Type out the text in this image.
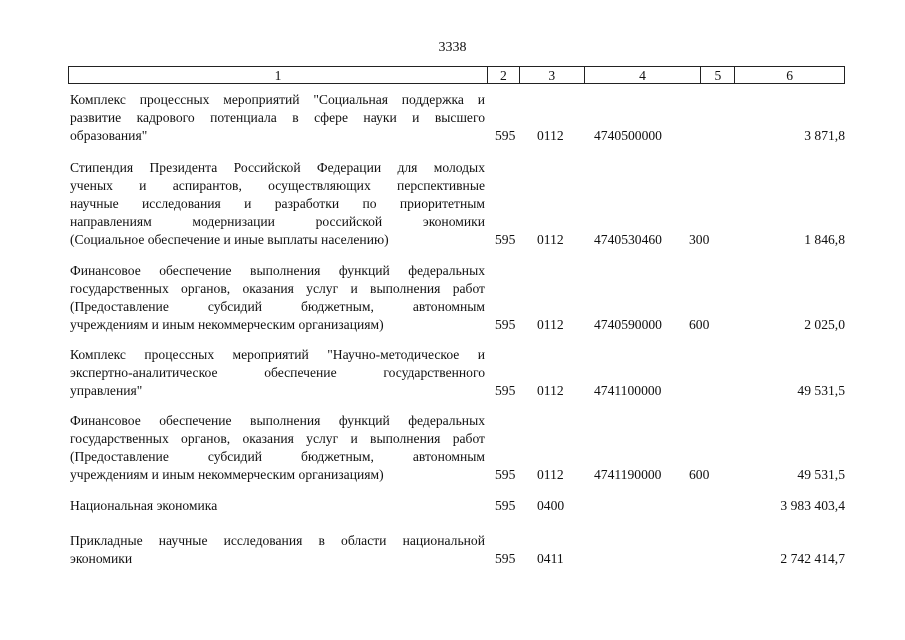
3338
1	2	3	4	5	6
Комплекс процессных мероприятий "Социальная поддержка и
развитие кадрового потенциала в сфере науки и высшего
образования"	595 0112 4740500000	3 871,8
Стипендия Президента Российской Федерации для молодых
ученых и аспирантов, осуществляющих перспективные
научные исследования и разработки по приоритетным
направлениям модернизации российской экономики
(Социальное обеспечение и иные выплаты населению)	595 0112 4740530460 300	1 846,8
Финансовое обеспечение выполнения функций федеральных
государственных органов, оказания услуг и выполнения работ
(Предоставление субсидий бюджетным, автономным
учреждениям и иным некоммерческим организациям)	595 0112 4740590000 600	2 025,0
Комплекс процессных мероприятий "Научно-методическое и
экспертно-аналитическое обеспечение государственного
управления"	595 0112 4741100000	49 531,5
Финансовое обеспечение выполнения функций федеральных
государственных органов, оказания услуг и выполнения работ
(Предоставление субсидий бюджетным, автономным
учреждениям и иным некоммерческим организациям)	595 0112 4741190000 600	49 531,5
Национальная экономика	595 0400	3 983 403,4
Прикладные научные исследования в области национальной
экономики	595 0411	2 742 414,7
